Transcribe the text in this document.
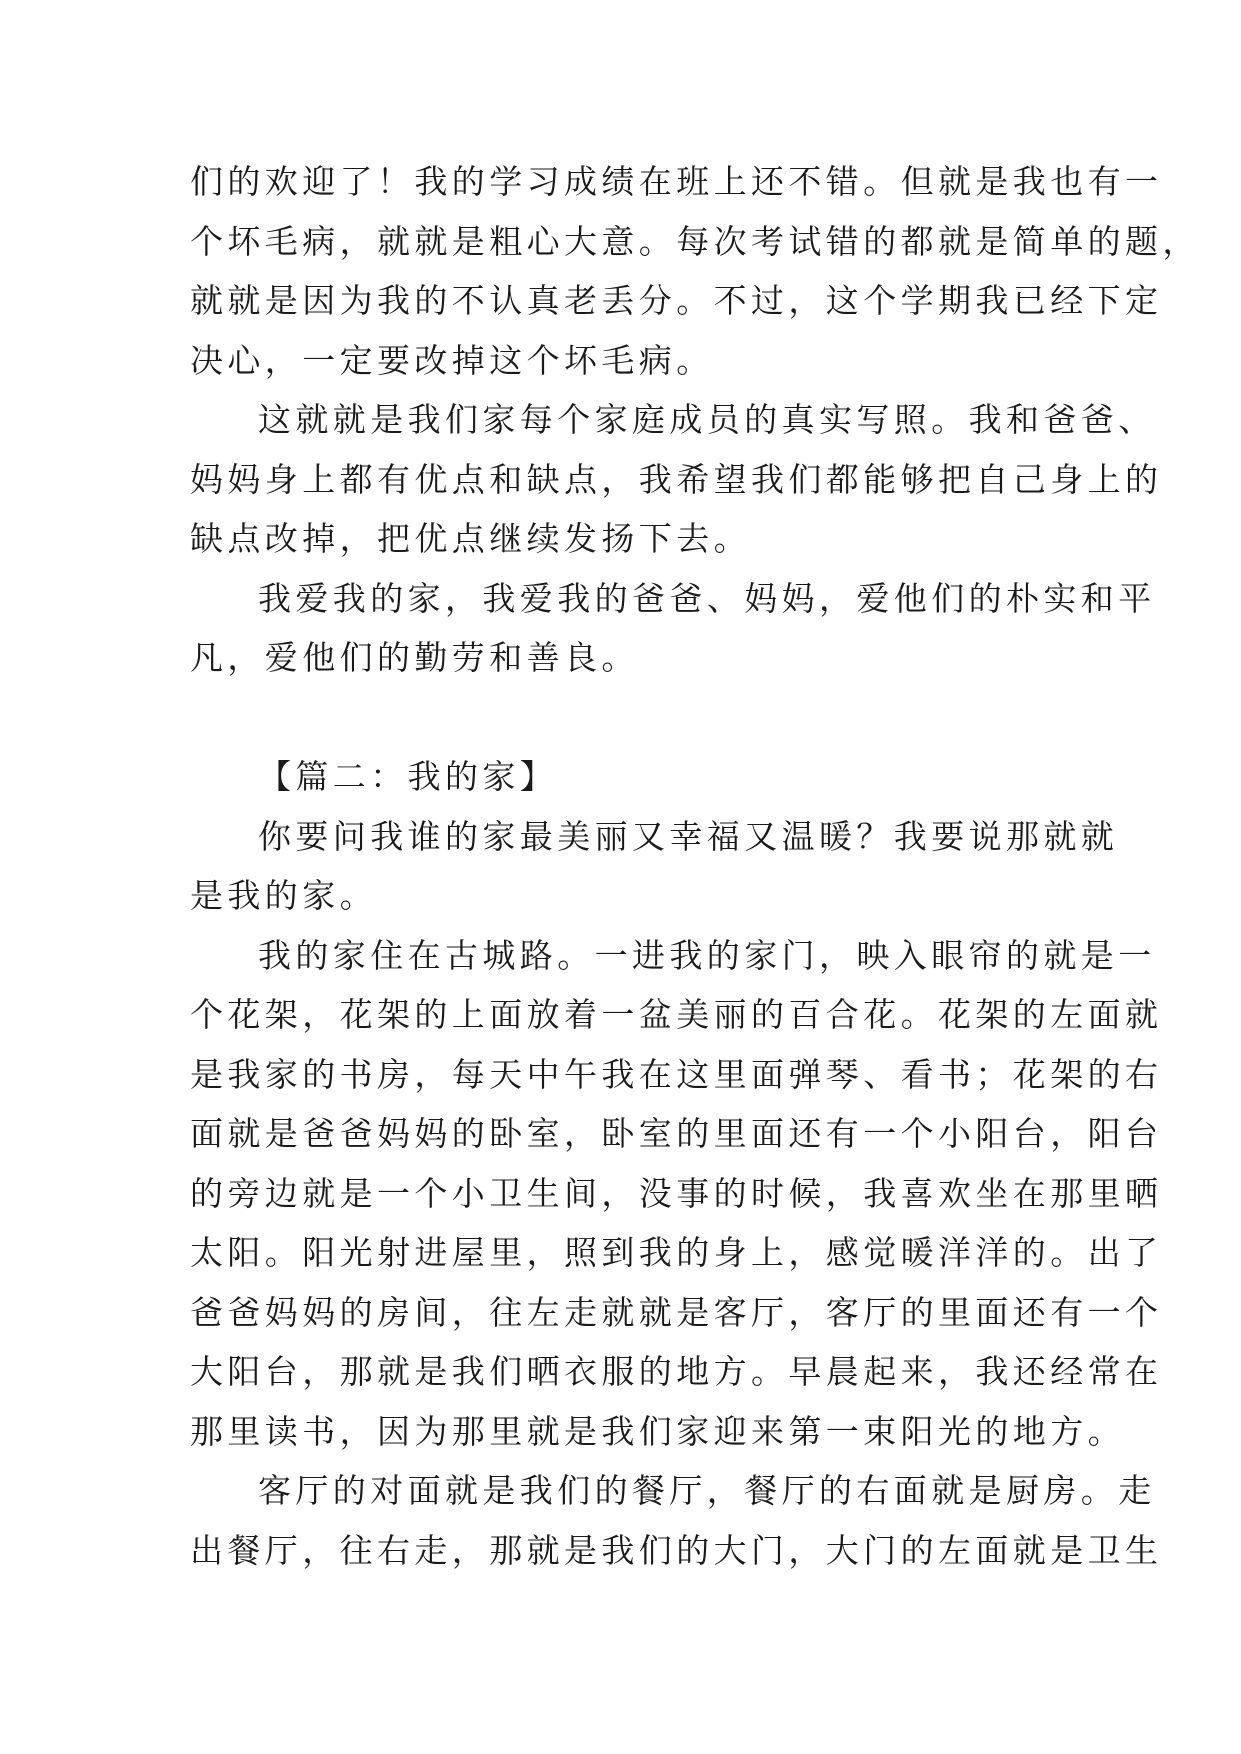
们的欢迎了！我的学习成绩在班上还不错。但就是我也有一
个坏毛病，就就是粗心大意。每次考试错的都就是简单的题，
就就是因为我的不认真老丢分。不过，这个学期我已经下定
决心，一定要改掉这个坏毛病。
这就就是我们家每个家庭成员的真实写照。我和爸爸、
妈妈身上都有优点和缺点，我希望我们都能够把自己身上的
缺点改掉，把优点继续发扬下去。
我爱我的家，我爱我的爸爸、妈妈，爱他们的朴实和平
凡，爱他们的勤劳和善良。
【篇二：我的家】
你要问我谁的家最美丽又幸福又温暖？我要说那就就
是我的家。
我的家住在古城路。一进我的家门，映入眼帘的就是一
个花架，花架的上面放着一盆美丽的百合花。花架的左面就
是我家的书房，每天中午我在这里面弹琴、看书；花架的右
面就是爸爸妈妈的卧室，卧室的里面还有一个小阳台，阳台
的旁边就是一个小卫生间，没事的时候，我喜欢坐在那里晒
太阳。阳光射进屋里，照到我的身上，感觉暖洋洋的。出了
爸爸妈妈的房间，往左走就就是客厅，客厅的里面还有一个
大阳台，那就是我们晒衣服的地方。早晨起来，我还经常在
那里读书，因为那里就是我们家迎来第一束阳光的地方。
客厅的对面就是我们的餐厅，餐厅的右面就是厨房。走
出餐厅，往右走，那就是我们的大门，大门的左面就是卫生
